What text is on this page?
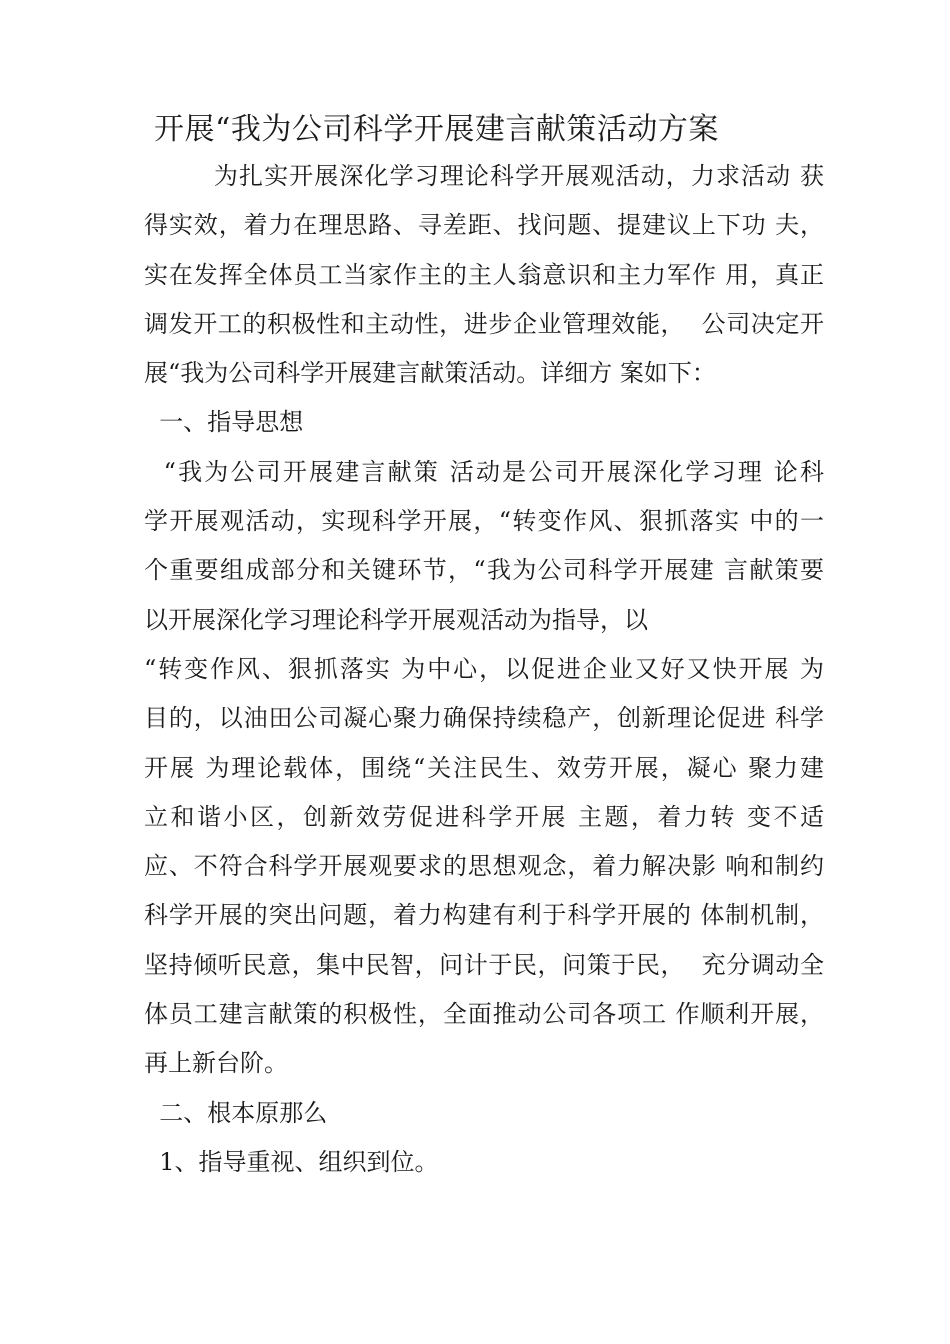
开展“我为公司科学开展建言献策活动方案
为扎实开展深化学习理论科学开展观活动，力求活动 获
得实效，着力在理思路、寻差距、找问题、提建议上下功 夫，
实在发挥全体员工当家作主的主人翁意识和主力军作 用，真正
调发开工的积极性和主动性，进步企业管理效能，  公司决定开
展“我为公司科学开展建言献策活动。详细方 案如下：
一、指导思想
“我为公司开展建言献策 活动是公司开展深化学习理 论科
学开展观活动，实现科学开展，“转变作风、狠抓落实 中的一
个重要组成部分和关键环节，“我为公司科学开展建 言献策要
以开展深化学习理论科学开展观活动为指导，以
“转变作风、狠抓落实 为中心，以促进企业又好又快开展 为
目的，以油田公司凝心聚力确保持续稳产，创新理论促进 科学
开展 为理论载体，围绕“关注民生、效劳开展，凝心 聚力建
立和谐小区，创新效劳促进科学开展 主题，着力转 变不适
应、不符合科学开展观要求的思想观念，着力解决影 响和制约
科学开展的突出问题，着力构建有利于科学开展的 体制机制，
坚持倾听民意，集中民智，问计于民，问策于民，  充分调动全
体员工建言献策的积极性，全面推动公司各项工 作顺利开展，
再上新台阶。
二、根本原那么
1、指导重视、组织到位。
